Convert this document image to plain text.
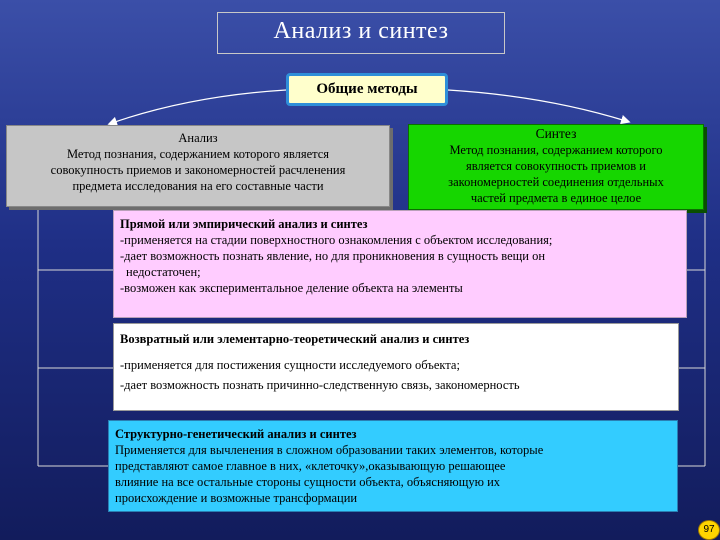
Анализ и синтез
Общие методы
Анализ
Метод познания, содержанием которого является
совокупность приемов и закономерностей расчленения
предмета исследования на его составные части
Синтез
Метод познания, содержанием которого
является совокупность приемов и
закономерностей соединения отдельных
частей предмета в единое целое
Прямой или эмпирический анализ и синтез
-применяется на стадии поверхностного ознакомления с объектом исследования;
-дает возможность познать явление, но для проникновения в сущность вещи он
недостаточен;
-возможен как экспериментальное деление объекта на элементы
Возвратный или элементарно-теоретический анализ и синтез
-применяется для постижения сущности исследуемого объекта;
-дает возможность познать причинно-следственную связь, закономерность
Структурно-генетический анализ и синтез
Применяется для вычленения в сложном образовании таких элементов, которые
представляют самое главное в них, «клеточку»,оказывающую решающее
влияние на все остальные стороны сущности объекта, объясняющую их
происхождение и возможные трансформации
97
